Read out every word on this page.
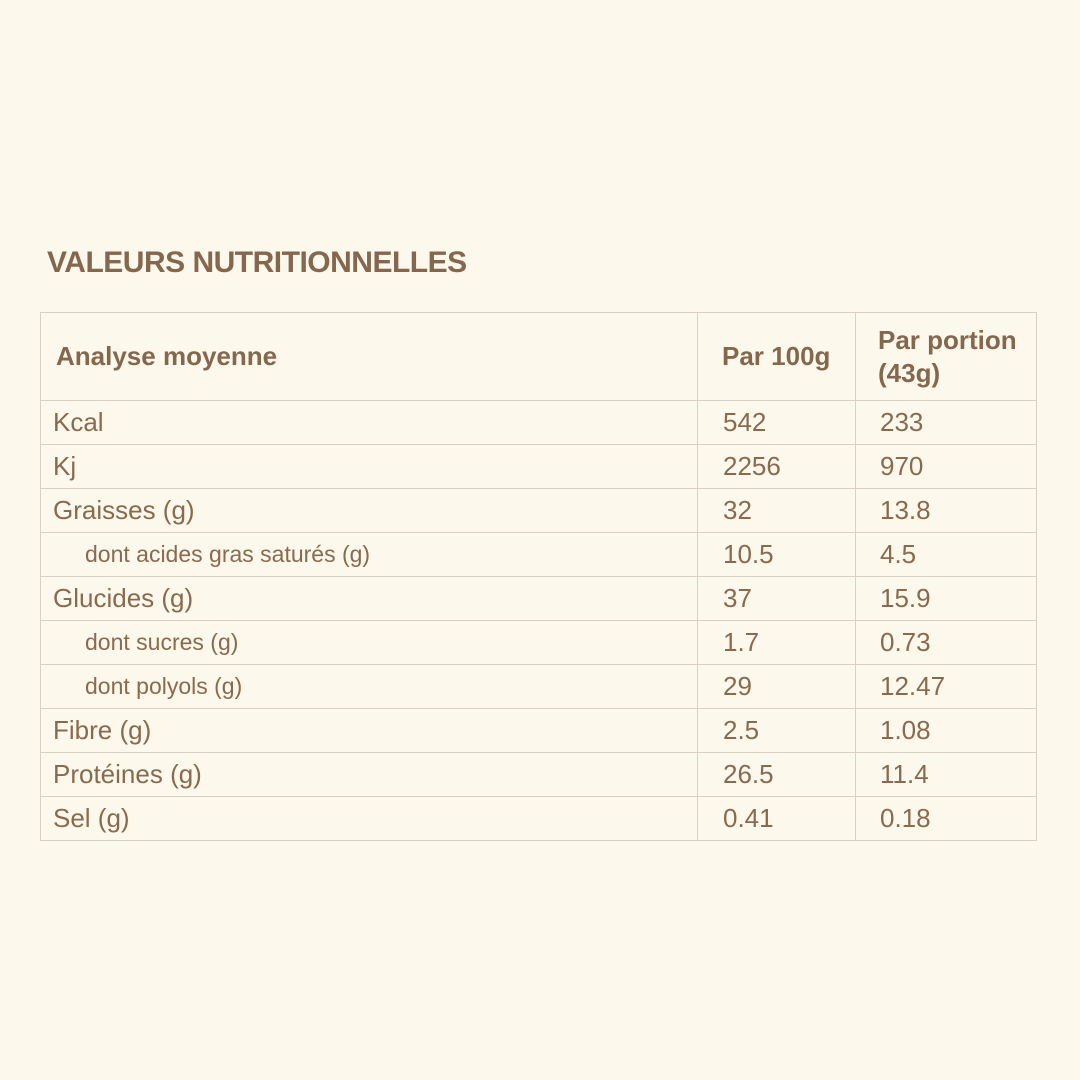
VALEURS NUTRITIONNELLES
Analyse moyenne	Par 100g	Par portion (43g)
Kcal	542	233
Kj	2256	970
Graisses (g)	32	13.8
dont acides gras saturés (g)	10.5	4.5
Glucides (g)	37	15.9
dont sucres (g)	1.7	0.73
dont polyols (g)	29	12.47
Fibre (g)	2.5	1.08
Protéines (g)	26.5	11.4
Sel (g)	0.41	0.18
